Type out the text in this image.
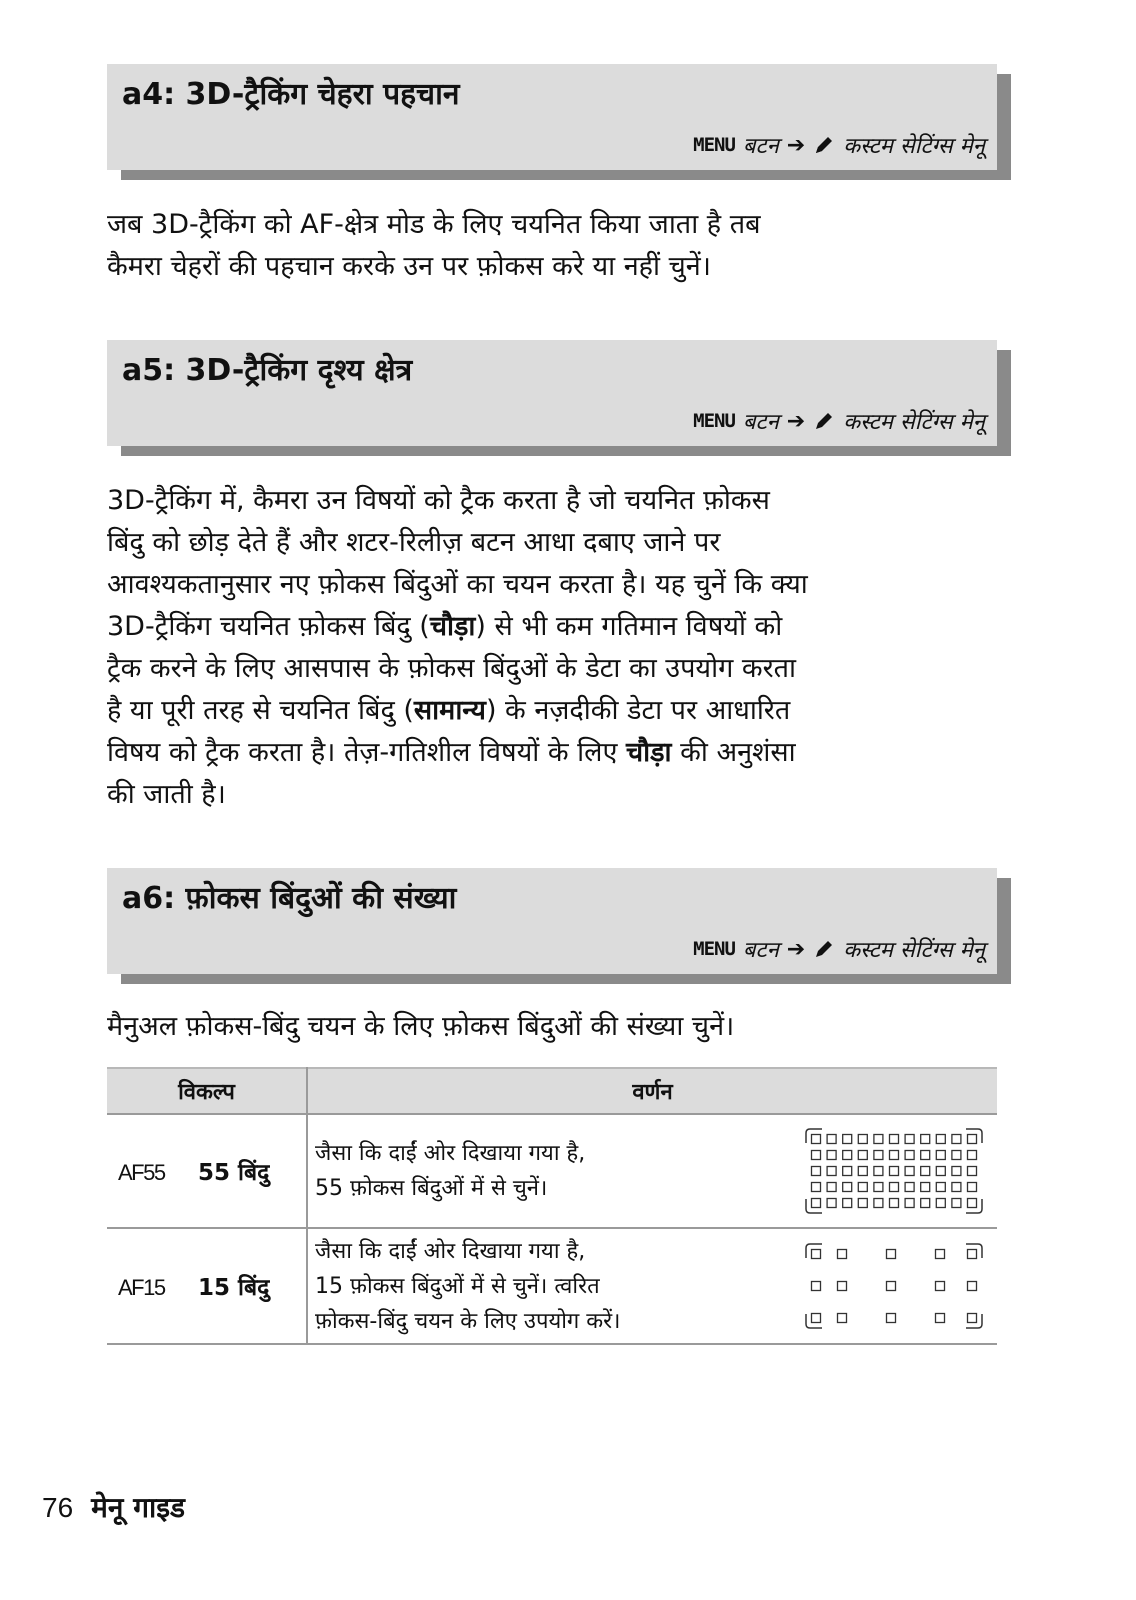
a4: 3D-ट्रैकिंग चेहरा पहचान
MENU बटन ➔ कस्टम सेटिंग्स मेनू
जब 3D-ट्रैकिंग को AF-क्षेत्र मोड के लिए चयनित किया जाता है तब
कैमरा चेहरों की पहचान करके उन पर फ़ोकस करे या नहीं चुनें।
a5: 3D-ट्रैकिंग दृश्य क्षेत्र
MENU बटन ➔ कस्टम सेटिंग्स मेनू
3D-ट्रैकिंग में, कैमरा उन विषयों को ट्रैक करता है जो चयनित फ़ोकस
बिंदु को छोड़ देते हैं और शटर-रिलीज़ बटन आधा दबाए जाने पर
आवश्यकतानुसार नए फ़ोकस बिंदुओं का चयन करता है। यह चुनें कि क्या
3D-ट्रैकिंग चयनित फ़ोकस बिंदु (चौड़ा) से भी कम गतिमान विषयों को
ट्रैक करने के लिए आसपास के फ़ोकस बिंदुओं के डेटा का उपयोग करता
है या पूरी तरह से चयनित बिंदु (सामान्य) के नज़दीकी डेटा पर आधारित
विषय को ट्रैक करता है। तेज़-गतिशील विषयों के लिए चौड़ा की अनुशंसा
की जाती है।
a6: फ़ोकस बिंदुओं की संख्या
MENU बटन ➔ कस्टम सेटिंग्स मेनू
मैनुअल फ़ोकस-बिंदु चयन के लिए फ़ोकस बिंदुओं की संख्या चुनें।
विकल्प	वर्णन	
AF55 55 बिंदु	जैसा कि दाईं ओर दिखाया गया है,
55 फ़ोकस बिंदुओं में से चुनें।

AF15 15 बिंदु	जैसा कि दाईं ओर दिखाया गया है,
15 फ़ोकस बिंदुओं में से चुनें। त्वरित
फ़ोकस-बिंदु चयन के लिए उपयोग करें।

76 मेनू गाइड
